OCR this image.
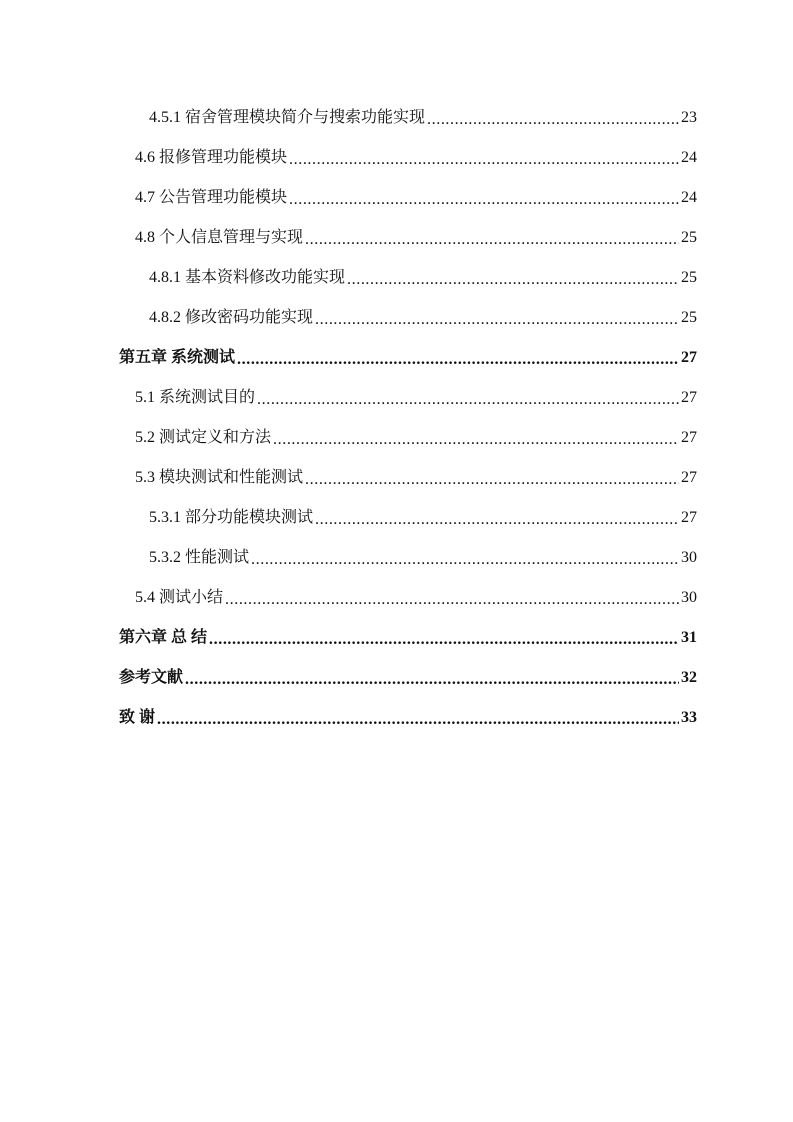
4.5.1 宿舍管理模块简介与搜索功能实现 .....	23
4.6 报修管理功能模块 .....	24
4.7 公告管理功能模块 .....	24
4.8 个人信息管理与实现 .....	25
4.8.1 基本资料修改功能实现 .....	25
4.8.2 修改密码功能实现 .....	25
第五章 系统测试 .....	27
5.1 系统测试目的 .....	27
5.2 测试定义和方法 .....	27
5.3 模块测试和性能测试 .....	27
5.3.1 部分功能模块测试 .....	27
5.3.2 性能测试 .....	30
5.4 测试小结 .....	30
第六章 总 结 .....	31
参考文献 .....	32
致 谢 .....	33
